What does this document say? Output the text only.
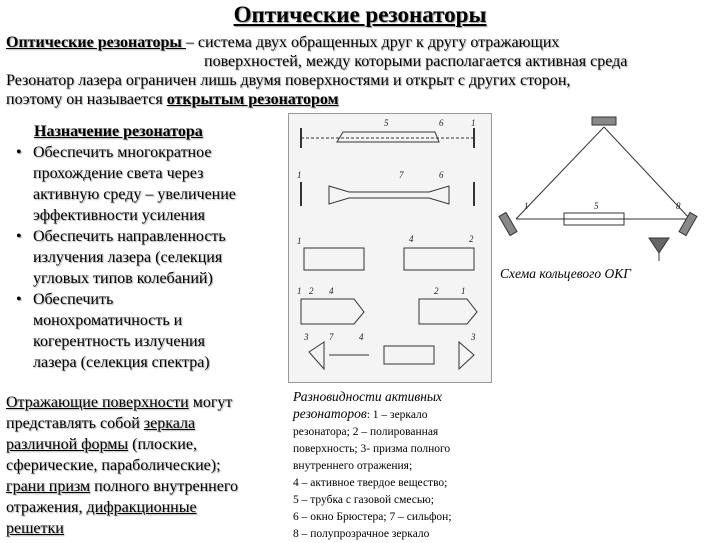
Оптические резонаторы
Оптические резонаторы – система двух обращенных друг к другу отражающих
поверхностей, между которыми располагается активная среда
Резонатор лазера ограничен лишь двумя поверхностями и открыт с других сторон,
поэтому он называется открытым резонатором
Назначение резонатора
• Обеспечить многократное
прохождение света через
активную среду – увеличение
эффективности усиления
• Обеспечить направленность
излучения лазера (селекция
угловых типов колебаний)
• Обеспечить
монохроматичность и
когерентность излучения
лазера (селекция спектра)
Отражающие поверхности могут
представлять собой зеркала
различной формы (плоские,
сферические, параболические);
грани призм полного внутреннего
отражения, дифракционные
решетки
5	6	1
1	7	6
1	4	2
1 2 4	2	1
3 7	4	3
5
1	8
Схема кольцевого ОКГ
Разновидности активных
резонаторов: 1 – зеркало
резонатора; 2 – полированная
поверхность; 3- призма полного
внутреннего отражения;
4 – активное твердое вещество;
5 – трубка с газовой смесью;
6 – окно Брюстера; 7 – сильфон;
8 – полупрозрачное зеркало
